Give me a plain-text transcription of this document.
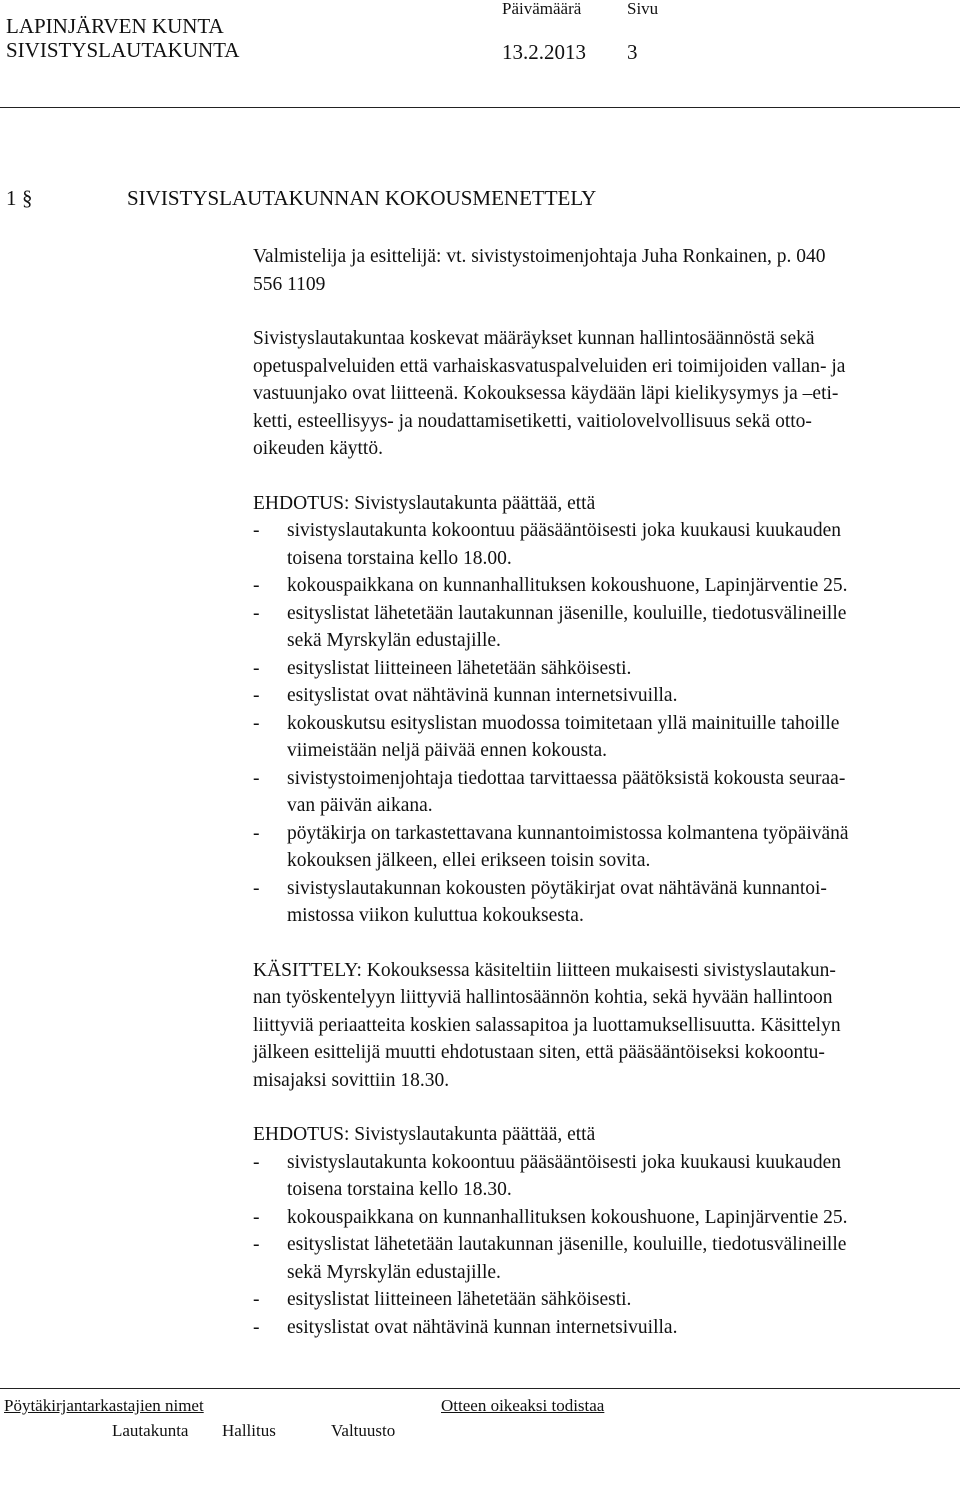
LAPINJÄRVEN KUNTA
SIVISTYSLAUTAKUNTA
Päivämäärä	Sivu
13.2.2013 3
1 §	SIVISTYSLAUTAKUNNAN KOKOUSMENETTELY

Valmistelija ja esittelijä: vt. sivistystoimenjohtaja Juha Ronkainen, p. 040

556 1109

Sivistyslautakuntaa koskevat määräykset kunnan hallintosäännöstä sekä

opetuspalveluiden että varhaiskasvatuspalveluiden eri toimijoiden vallan- ja

vastuunjako ovat liitteenä. Kokouksessa käydään läpi kielikysymys ja –eti-

ketti, esteellisyys- ja noudattamisetiketti, vaitiolovelvollisuus sekä otto-

oikeuden käyttö.

EHDOTUS: Sivistyslautakunta päättää, että

- sivistyslautakunta kokoontuu pääsääntöisesti joka kuukausi kuukauden

toisena torstaina kello 18.00.

- kokouspaikkana on kunnanhallituksen kokoushuone, Lapinjärventie 25.

- esityslistat lähetetään lautakunnan jäsenille, kouluille, tiedotusvälineille

sekä Myrskylän edustajille.

- esityslistat liitteineen lähetetään sähköisesti.

- esityslistat ovat nähtävinä kunnan internetsivuilla.

- kokouskutsu esityslistan muodossa toimitetaan yllä mainituille tahoille

viimeistään neljä päivää ennen kokousta.

- sivistystoimenjohtaja tiedottaa tarvittaessa päätöksistä kokousta seuraa-

van päivän aikana.

- pöytäkirja on tarkastettavana kunnantoimistossa kolmantena työpäivänä

kokouksen jälkeen, ellei erikseen toisin sovita.

- sivistyslautakunnan kokousten pöytäkirjat ovat nähtävänä kunnantoi-

mistossa viikon kuluttua kokouksesta.

KÄSITTELY: Kokouksessa käsiteltiin liitteen mukaisesti sivistyslautakun-

nan työskentelyyn liittyviä hallintosäännön kohtia, sekä hyvään hallintoon

liittyviä periaatteita koskien salassapitoa ja luottamuksellisuutta. Käsittelyn

jälkeen esittelijä muutti ehdotustaan siten, että pääsääntöiseksi kokoontu-

misajaksi sovittiin 18.30.

EHDOTUS: Sivistyslautakunta päättää, että

- sivistyslautakunta kokoontuu pääsääntöisesti joka kuukausi kuukauden

toisena torstaina kello 18.30.

- kokouspaikkana on kunnanhallituksen kokoushuone, Lapinjärventie 25.

- esityslistat lähetetään lautakunnan jäsenille, kouluille, tiedotusvälineille

sekä Myrskylän edustajille.

- esityslistat liitteineen lähetetään sähköisesti.

- esityslistat ovat nähtävinä kunnan internetsivuilla.

Pöytäkirjantarkastajien nimet	Otteen oikeaksi todistaa
Lautakunta Hallitus	Valtuusto
